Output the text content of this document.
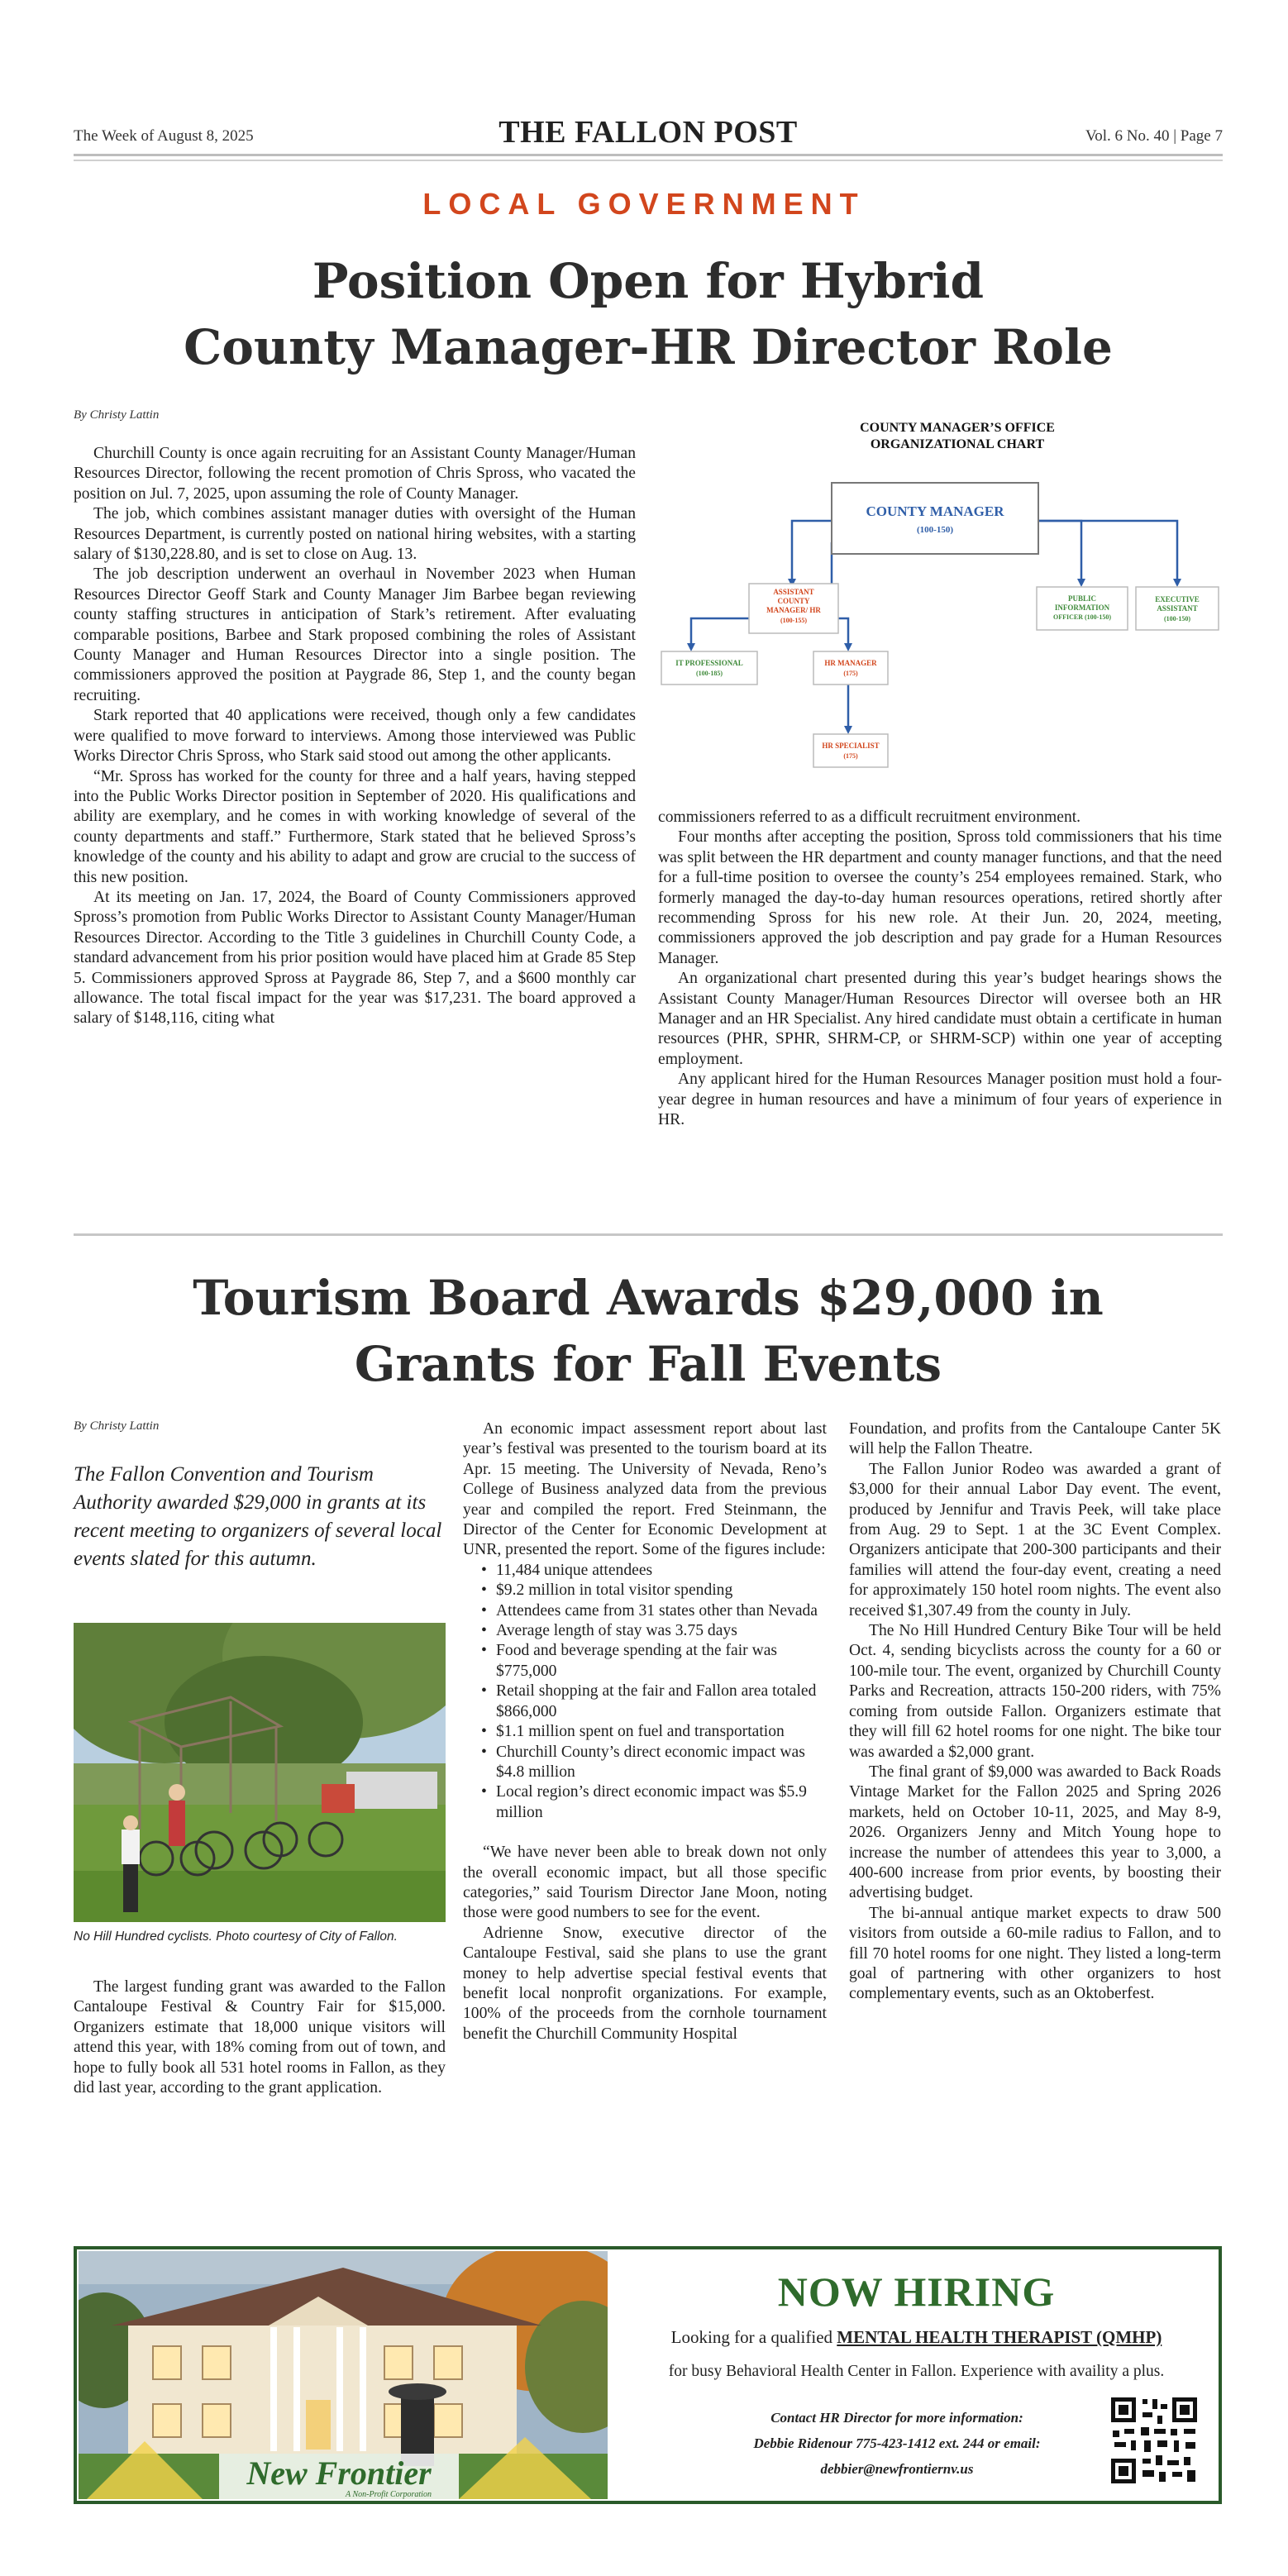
The Week of August 8, 2025	THE FALLON POST	Vol. 6 No. 40 | Page 7
LOCAL GOVERNMENT
Position Open for Hybrid
County Manager-HR Director Role
By Christy Lattin

Churchill County is once again recruiting for an Assistant County Manager/Human Resources Director, following the recent promotion of Chris Spross, who vacated the position on Jul. 7, 2025, upon assuming the role of County Manager.

The job, which combines assistant manager duties with oversight of the Human Resources Department, is currently posted on national hiring websites, with a starting salary of $130,228.80, and is set to close on Aug. 13.

The job description underwent an overhaul in November 2023 when Human Resources Director Geoff Stark and County Manager Jim Barbee began reviewing county staffing structures in anticipation of Stark’s retirement. After evaluating comparable positions, Barbee and Stark proposed combining the roles of Assistant County Manager and Human Resources Director into a single position. The commissioners approved the position at Paygrade 86, Step 1, and the county began recruiting.

Stark reported that 40 applications were received, though only a few candidates were qualified to move forward to interviews. Among those interviewed was Public Works Director Chris Spross, who Stark said stood out among the other applicants.

“Mr. Spross has worked for the county for three and a half years, having stepped into the Public Works Director position in September of 2020. His qualifications and ability are exemplary, and he comes in with working knowledge of several of the county departments and staff.” Furthermore, Stark stated that he believed Spross’s knowledge of the county and his ability to adapt and grow are crucial to the success of this new position.

At its meeting on Jan. 17, 2024, the Board of County Commissioners approved Spross’s promotion from Public Works Director to Assistant County Manager/Human Resources Director. According to the Title 3 guidelines in Churchill County Code, a standard advancement from his prior position would have placed him at Grade 85 Step 5. Commissioners approved Spross at Paygrade 86, Step 7, and a $600 monthly car allowance. The total fiscal impact for the year was $17,231. The board approved a salary of $148,116, citing what

COUNTY MANAGER’S OFFICE
ORGANIZATIONAL CHART
COUNTY MANAGER
(100-150)
ASSISTANT
COUNTY
MANAGER/ HR
(100-155)
PUBLIC
INFORMATION
OFFICER (100-150)
EXECUTIVE
ASSISTANT
(100-150)
IT PROFESSIONAL
(100-185)
HR MANAGER
(175)
HR SPECIALIST
(175)
commissioners referred to as a difficult recruitment environment.

Four months after accepting the position, Spross told commissioners that his time was split between the HR department and county manager functions, and that the need for a full-time position to oversee the county’s 254 employees remained. Stark, who formerly managed the day-to-day human resources operations, retired shortly after recommending Spross for his new role. At their Jun. 20, 2024, meeting, commissioners approved the job description and pay grade for a Human Resources Manager.

An organizational chart presented during this year’s budget hearings shows the Assistant County Manager/Human Resources Director will oversee both an HR Manager and an HR Specialist. Any hired candidate must obtain a certificate in human resources (PHR, SPHR, SHRM-CP, or SHRM-SCP) within one year of accepting employment.

Any applicant hired for the Human Resources Manager position must hold a four-year degree in human resources and have a minimum of four years of experience in HR.

Tourism Board Awards $29,000 in
Grants for Fall Events
By Christy Lattin
The Fallon Convention and Tourism Authority awarded $29,000 in grants at its recent meeting to organizers of several local events slated for this autumn.
No Hill Hundred cyclists. Photo courtesy of City of Fallon.

The largest funding grant was awarded to the Fallon Cantaloupe Festival & Country Fair for $15,000. Organizers estimate that 18,000 unique visitors will attend this year, with 18% coming from out of town, and hope to fully book all 531 hotel rooms in Fallon, as they did last year, according to the grant application.

An economic impact assessment report about last year’s festival was presented to the tourism board at its Apr. 15 meeting. The University of Nevada, Reno’s College of Business analyzed data from the previous year and compiled the report. Fred Steinmann, the Director of the Center for Economic Development at UNR, presented the report. Some of the figures include:

• 11,484 unique attendees
• $9.2 million in total visitor spending
• Attendees came from 31 states other than Nevada
• Average length of stay was 3.75 days
• Food and beverage spending at the fair was $775,000
• Retail shopping at the fair and Fallon area totaled $866,000
• $1.1 million spent on fuel and transportation
• Churchill County’s direct economic impact was $4.8 million
• Local region’s direct economic impact was $5.9 million

“We have never been able to break down not only the overall economic impact, but all those specific categories,” said Tourism Director Jane Moon, noting those were good numbers to see for the event.

Adrienne Snow, executive director of the Cantaloupe Festival, said she plans to use the grant money to help advertise special festival events that benefit local nonprofit organizations. For example, 100% of the proceeds from the cornhole tournament benefit the Churchill Community Hospital

Foundation, and profits from the Cantaloupe Canter 5K will help the Fallon Theatre.

The Fallon Junior Rodeo was awarded a grant of $3,000 for their annual Labor Day event. The event, produced by Jennifur and Travis Peek, will take place from Aug. 29 to Sept. 1 at the 3C Event Complex. Organizers anticipate that 200-300 participants and their families will attend the four-day event, creating a need for approximately 150 hotel room nights. The event also received $1,307.49 from the county in July.

The No Hill Hundred Century Bike Tour will be held Oct. 4, sending bicyclists across the county for a 60 or 100-mile tour. The event, organized by Churchill County Parks and Recreation, attracts 150-200 riders, with 75% coming from outside Fallon. Organizers estimate that they will fill 62 hotel rooms for one night. The bike tour was awarded a $2,000 grant.

The final grant of $9,000 was awarded to Back Roads Vintage Market for the Fallon 2025 and Spring 2026 markets, held on October 10-11, 2025, and May 8-9, 2026. Organizers Jenny and Mitch Young hope to increase the number of attendees this year to 3,000, a 400-600 increase from prior events, by boosting their advertising budget.

The bi-annual antique market expects to draw 500 visitors from outside a 60-mile radius to Fallon, and to fill 70 hotel rooms for one night. They listed a long-term goal of partnering with other organizers to host complementary events, such as an Oktoberfest.

New Frontier
A Non-Profit Corporation
NOW HIRING
Looking for a qualified MENTAL HEALTH THERAPIST (QMHP)
for busy Behavioral Health Center in Fallon. Experience with availity a plus.
Contact HR Director for more information:
Debbie Ridenour 775-423-1412 ext. 244 or email:
debbier@newfrontiernv.us
